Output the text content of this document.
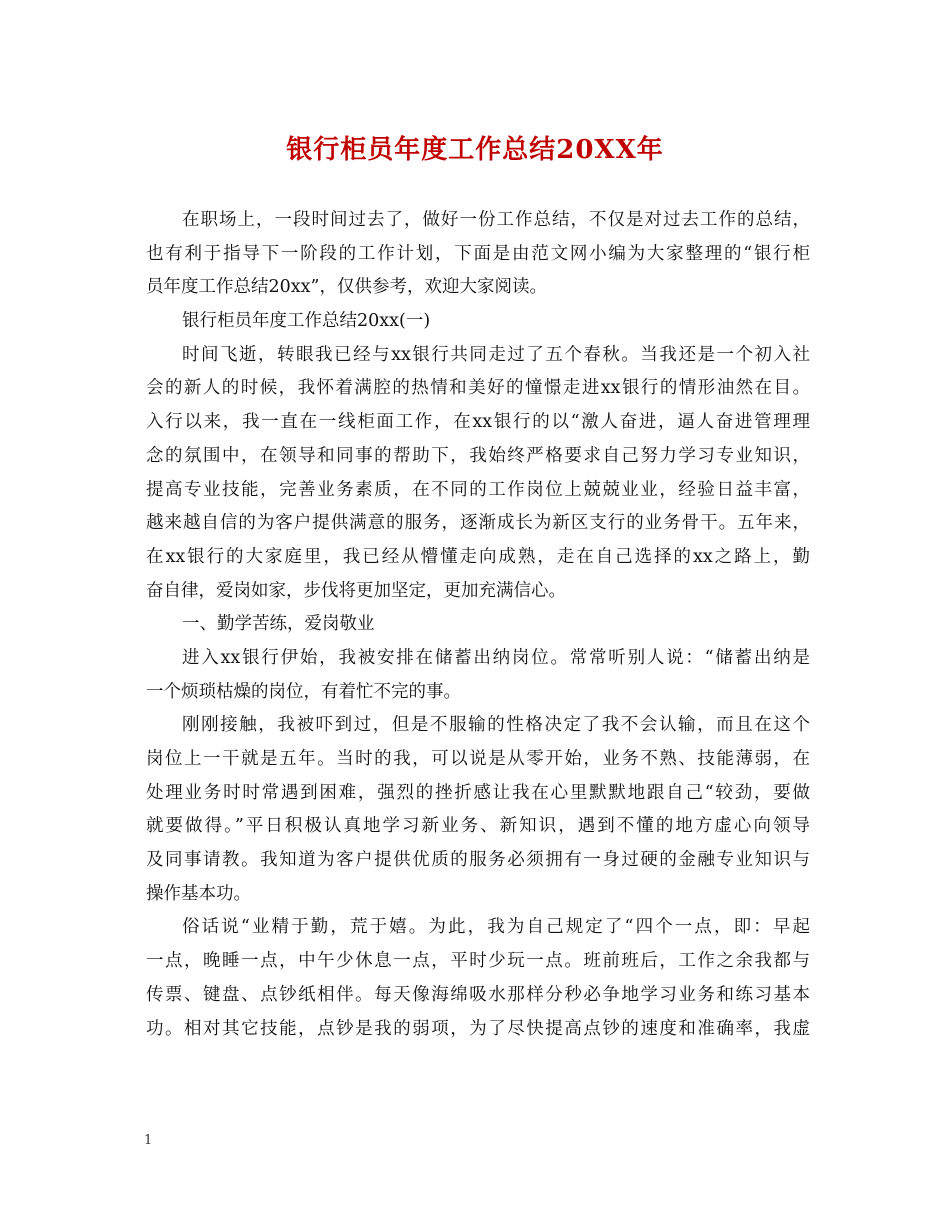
银行柜员年度工作总结20XX年
在职场上，一段时间过去了，做好一份工作总结，不仅是对过去工作的总结，
也有利于指导下一阶段的工作计划，下面是由范文网小编为大家整理的“银行柜
员年度工作总结20xx”，仅供参考，欢迎大家阅读。
银行柜员年度工作总结20xx(一)
时间飞逝，转眼我已经与xx银行共同走过了五个春秋。当我还是一个初入社
会的新人的时候，我怀着满腔的热情和美好的憧憬走进xx银行的情形油然在目。
入行以来，我一直在一线柜面工作，在xx银行的以“激人奋进，逼人奋进管理理
念的氛围中，在领导和同事的帮助下，我始终严格要求自己努力学习专业知识，
提高专业技能，完善业务素质，在不同的工作岗位上兢兢业业，经验日益丰富，
越来越自信的为客户提供满意的服务，逐渐成长为新区支行的业务骨干。五年来，
在xx银行的大家庭里，我已经从懵懂走向成熟，走在自己选择的xx之路上，勤
奋自律，爱岗如家，步伐将更加坚定，更加充满信心。
一、勤学苦练，爱岗敬业
进入xx银行伊始，我被安排在储蓄出纳岗位。常常听别人说：“储蓄出纳是
一个烦琐枯燥的岗位，有着忙不完的事。
刚刚接触，我被吓到过，但是不服输的性格决定了我不会认输，而且在这个
岗位上一干就是五年。当时的我，可以说是从零开始，业务不熟、技能薄弱，在
处理业务时时常遇到困难，强烈的挫折感让我在心里默默地跟自己“较劲，要做
就要做得。”平日积极认真地学习新业务、新知识，遇到不懂的地方虚心向领导
及同事请教。我知道为客户提供优质的服务必须拥有一身过硬的金融专业知识与
操作基本功。
俗话说“业精于勤，荒于嬉。为此，我为自己规定了“四个一点，即：早起
一点，晚睡一点，中午少休息一点，平时少玩一点。班前班后，工作之余我都与
传票、键盘、点钞纸相伴。每天像海绵吸水那样分秒必争地学习业务和练习基本
功。相对其它技能，点钞是我的弱项，为了尽快提高点钞的速度和准确率，我虚
1
